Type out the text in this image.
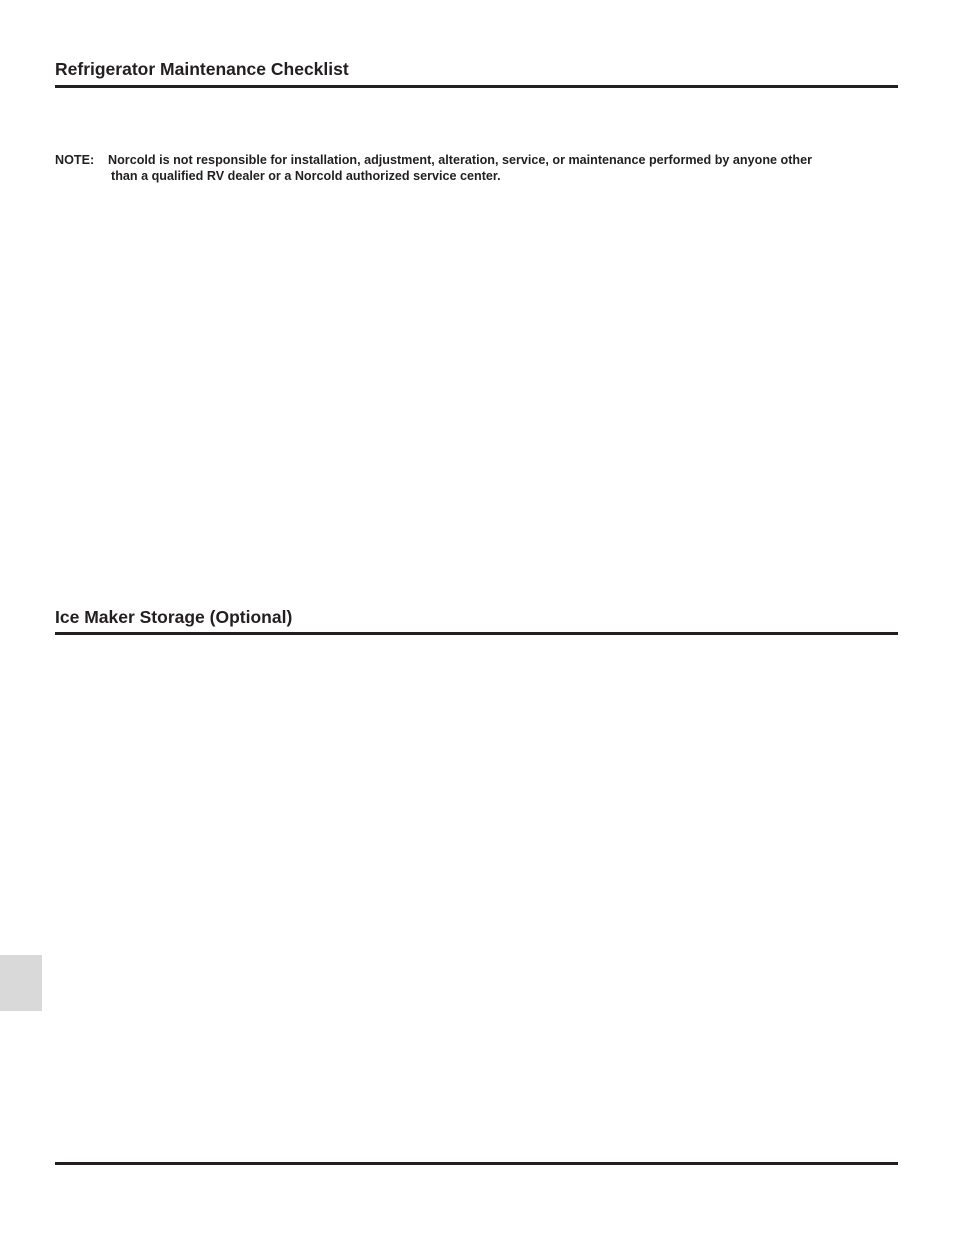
Refrigerator Maintenance Checklist
NOTE: Norcold is not responsible for installation, adjustment, alteration, service, or maintenance performed by anyone other
than a qualified RV dealer or a Norcold authorized service center.
Ice Maker Storage (Optional)
